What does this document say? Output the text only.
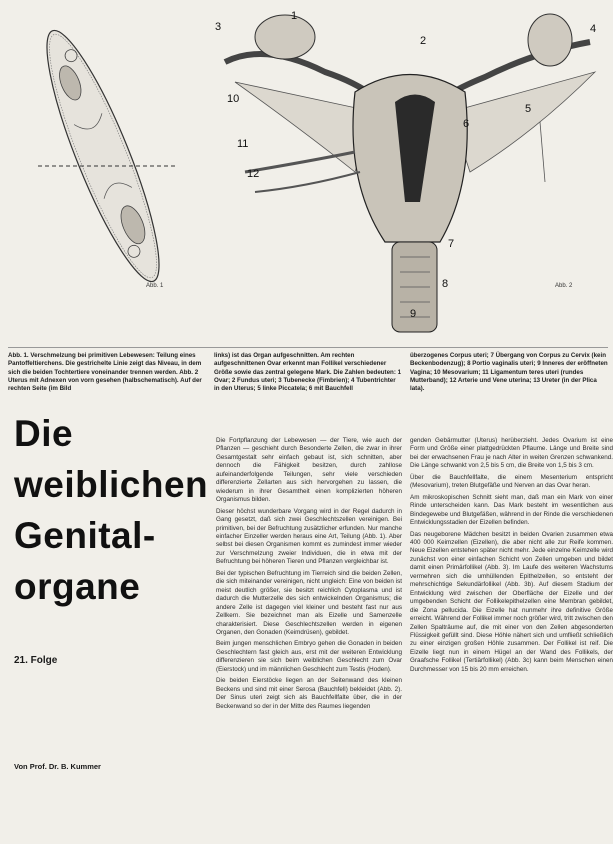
Abb. 1
1
2
3	4
5
6
7
8
9
10
11
12
Abb. 2
Abb. 1. Verschmelzung bei primitiven Lebewesen: Teilung eines Pantoffeltierchens. Die gestrichelte Linie zeigt das Niveau, in dem sich die beiden Tochtertiere voneinander trennen werden. Abb. 2 Uterus mit Adnexen von vorn gesehen (halbschematisch). Auf der rechten Seite (im Bild
links) ist das Organ aufgeschnitten. Am rechten aufgeschnittenen Ovar erkennt man Follikel verschiedener Größe sowie das zentral gelegene Mark. Die Zahlen bedeuten: 1 Ovar; 2 Fundus uteri; 3 Tubenecke (Fimbrien); 4 Tubentrichter in den Uterus; 5 linke Piccatela; 6 mit Bauchfell
überzogenes Corpus uteri; 7 Übergang von Corpus zu Cervix (kein Beckenbodenzug); 8 Portio vaginalis uteri; 9 Inneres der eröffneten Vagina; 10 Mesovarium; 11 Ligamentum teres uteri (rundes Mutterband); 12 Arterie und Vene uterina; 13 Ureter (in der Plica lata).
Die
weiblichen
Genital-
organe
21. Folge
Von Prof. Dr. B. Kummer

Die Fortpflanzung der Lebewesen — der Tiere, wie auch der Pflanzen — geschieht durch Besonderte Zellen, die zwar in ihrer Gesamtgestalt sehr einfach gebaut ist, sich schnitten, aber dennoch die Fähigkeit besitzen, durch zahllose aufeinanderfolgende Teilungen, sehr viele verschieden differenzierte Zellarten aus sich hervorgehen zu lassen, die wiederum in ihrer Gesamtheit einen komplizierten höheren Organismus bilden.

Dieser höchst wunderbare Vorgang wird in der Regel dadurch in Gang gesetzt, daß sich zwei Geschlechtszellen vereinigen. Bei primitiven, bei der Befruchtung zusätzlicher erfunden. Nur manche einfacher Einzeller werden heraus eine Art, Teilung (Abb. 1). Aber selbst bei diesen Organismen kommt es zumindest immer wieder zur Verschmelzung zweier Individuen, die in etwa mit der Befruchtung bei höheren Tieren und Pflanzen vergleichbar ist.

Bei der typischen Befruchtung im Tierreich sind die beiden Zellen, die sich miteinander vereinigen, nicht ungleich: Eine von beiden ist meist deutlich größer, sie besitzt reichlich Cytoplasma und ist dadurch die Mutterzelle des sich entwickelnden Organismus; die andere Zelle ist dagegen viel kleiner und besteht fast nur aus Zellkern. Sie bezeichnet man als Eizelle und Samenzelle charakterisiert. Diese Geschlechtszellen werden in eigenen Organen, den Gonaden (Keimdrüsen), gebildet.

Beim jungen menschlichen Embryo gehen die Gonaden in beiden Geschlechtern fast gleich aus, erst mit der weiteren Entwicklung differenzieren sie sich beim weiblichen Geschlecht zum Ovar (Eierstock) und im männlichen Geschlecht zum Testis (Hoden).

Die beiden Eierstöcke liegen an der Seitenwand des kleinen Beckens und sind mit einer Serosa (Bauchfell) bekleidet (Abb. 2). Der Sinus uteri zeigt sich als Bauchfellfalte über, die in der Beckenwand so der in der Mitte des Raumes liegenden

genden Gebärmutter (Uterus) herüberzieht. Jedes Ovarium ist eine Form und Größe einer plattgedrückten Pflaume. Länge und Breite sind bei der erwachsenen Frau je nach Alter in weiten Grenzen schwankend. Die Länge schwankt von 2,5 bis 5 cm, die Breite von 1,5 bis 3 cm.

Über die Bauchfellfalte, die einem Mesenterium entspricht (Mesovarium), treten Blutgefäße und Nerven an das Ovar heran.

Am mikroskopischen Schnitt sieht man, daß man ein Mark von einer Rinde unterscheiden kann. Das Mark besteht im wesentlichen aus Bindegewebe und Blutgefäßen, während in der Rinde die verschiedenen Entwicklungsstadien der Eizellen befinden.

Das neugeborene Mädchen besitzt in beiden Ovarien zusammen etwa 400 000 Keimzellen (Eizellen), die aber nicht alle zur Reife kommen. Neue Eizellen entstehen später nicht mehr. Jede einzelne Keimzelle wird zunächst von einer einfachen Schicht von Zellen umgeben und bildet damit einen Primärfollikel (Abb. 3). Im Laufe des weiteren Wachstums vermehren sich die umhüllenden Epithelzellen, so entsteht der mehrschichtige Sekundärfollikel (Abb. 3b). Auf diesem Stadium der Entwicklung wird zwischen der Oberfläche der Eizelle und der umgebenden Schicht der Follikelepithelzellen eine Membran gebildet, die Zona pellucida. Die Eizelle hat nunmehr ihre definitive Größe erreicht. Während der Follikel immer noch größer wird, tritt zwischen den Zellen Spalträume auf, die mit einer von den Zellen abgesonderten Flüssigkeit gefüllt sind. Diese Höhle nähert sich und umfließt schließlich zu einer einzigen großen Höhle zusammen. Der Follikel ist reif. Die Eizelle liegt nun in einem Hügel an der Wand des Follikels, der Graafsche Follikel (Tertiärfollikel) (Abb. 3c) kann beim Menschen einen Durchmesser von 15 bis 20 mm erreichen.
